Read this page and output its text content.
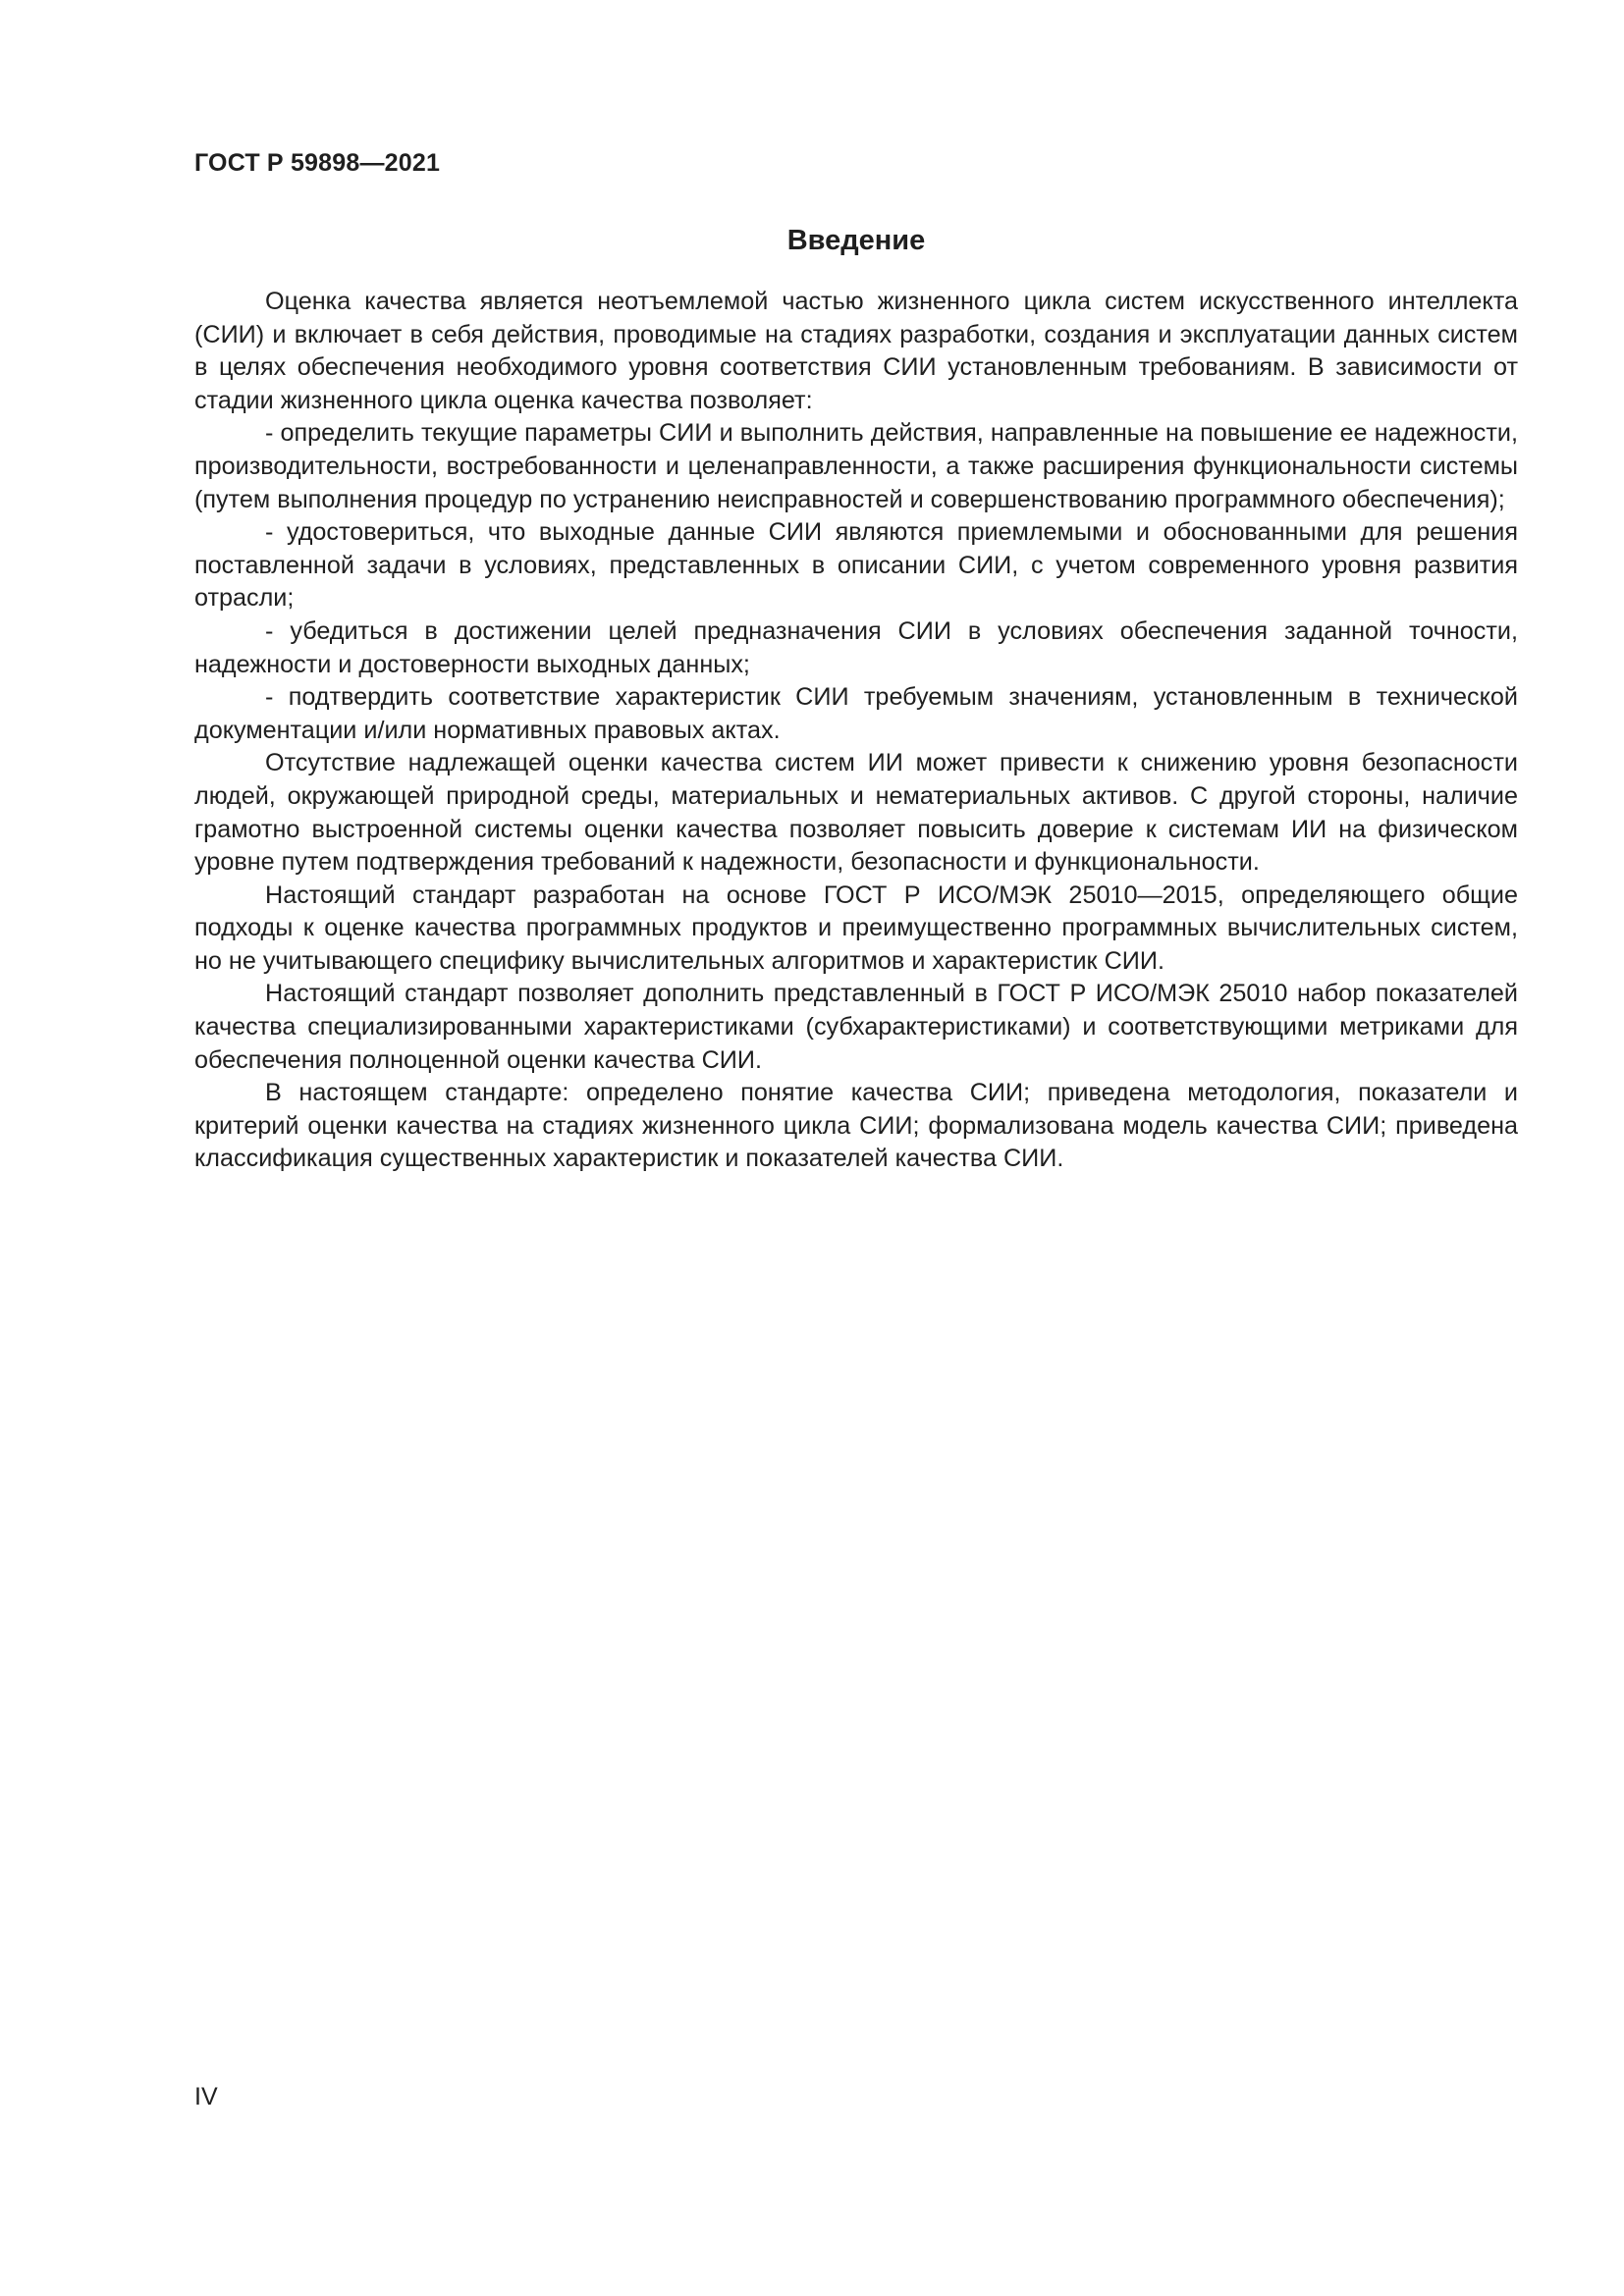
ГОСТ Р 59898—2021
Введение

Оценка качества является неотъемлемой частью жизненного цикла систем искусственного интеллекта (СИИ) и включает в себя действия, проводимые на стадиях разработки, создания и эксплуатации данных систем в целях обеспечения необходимого уровня соответствия СИИ установленным требованиям. В зависимости от стадии жизненного цикла оценка качества позволяет:

- определить текущие параметры СИИ и выполнить действия, направленные на повышение ее надежности, производительности, востребованности и целенаправленности, а также расширения функциональности системы (путем выполнения процедур по устранению неисправностей и совершенствованию программного обеспечения);

- удостовериться, что выходные данные СИИ являются приемлемыми и обоснованными для решения поставленной задачи в условиях, представленных в описании СИИ, с учетом современного уровня развития отрасли;

- убедиться в достижении целей предназначения СИИ в условиях обеспечения заданной точности, надежности и достоверности выходных данных;

- подтвердить соответствие характеристик СИИ требуемым значениям, установленным в технической документации и/или нормативных правовых актах.

Отсутствие надлежащей оценки качества систем ИИ может привести к снижению уровня безопасности людей, окружающей природной среды, материальных и нематериальных активов. С другой стороны, наличие грамотно выстроенной системы оценки качества позволяет повысить доверие к системам ИИ на физическом уровне путем подтверждения требований к надежности, безопасности и функциональности.

Настоящий стандарт разработан на основе ГОСТ Р ИСО/МЭК 25010—2015, определяющего общие подходы к оценке качества программных продуктов и преимущественно программных вычислительных систем, но не учитывающего специфику вычислительных алгоритмов и характеристик СИИ.

Настоящий стандарт позволяет дополнить представленный в ГОСТ Р ИСО/МЭК 25010 набор показателей качества специализированными характеристиками (субхарактеристиками) и соответствующими метриками для обеспечения полноценной оценки качества СИИ.

В настоящем стандарте: определено понятие качества СИИ; приведена методология, показатели и критерий оценки качества на стадиях жизненного цикла СИИ; формализована модель качества СИИ; приведена классификация существенных характеристик и показателей качества СИИ.

IV
